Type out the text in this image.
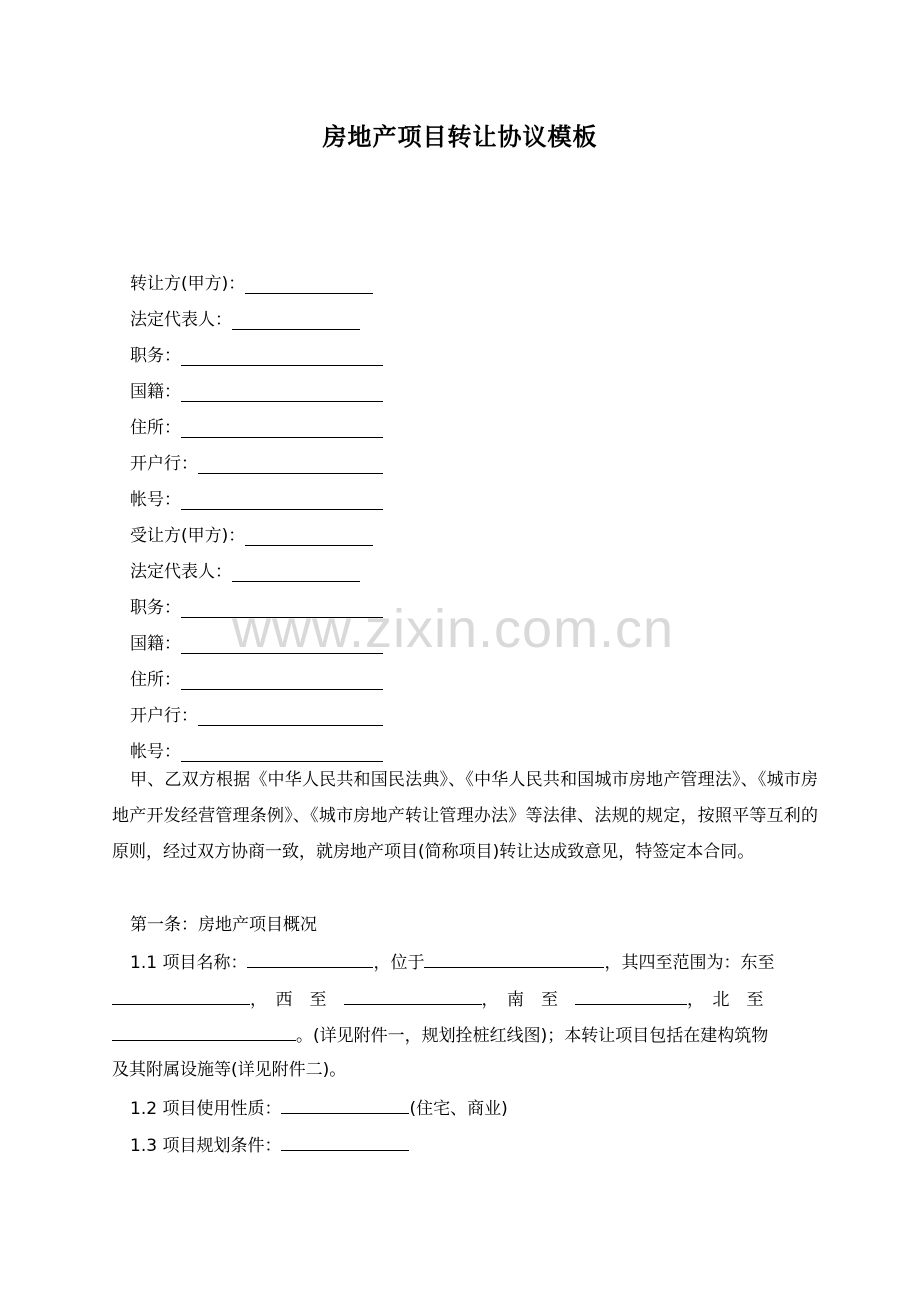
房地产项目转让协议模板
转让方(甲方)：
法定代表人：
职务：
国籍：
住所：
开户行：
帐号：
受让方(甲方)：
法定代表人：
职务：
国籍：
住所：
开户行：
帐号：
甲、乙双方根据《中华人民共和国民法典》、《中华人民共和国城市房地产管理法》、《城市房地产开发经营管理条例》、《城市房地产转让管理办法》等法律、法规的规定，按照平等互利的原则，经过双方协商一致，就房地产项目(简称项目)转让达成致意见，特签定本合同。
第一条：房地产项目概况
1.1 项目名称：	，位于	，其四至范围为：东至
，　西　至　	，　南　至　	，　北　至
。(详见附件一，规划拴桩红线图)；本转让项目包括在建构筑物
及其附属设施等(详见附件二)。
1.2 项目使用性质：	(住宅、商业)
1.3 项目规划条件：
www.zixin.com.cn
